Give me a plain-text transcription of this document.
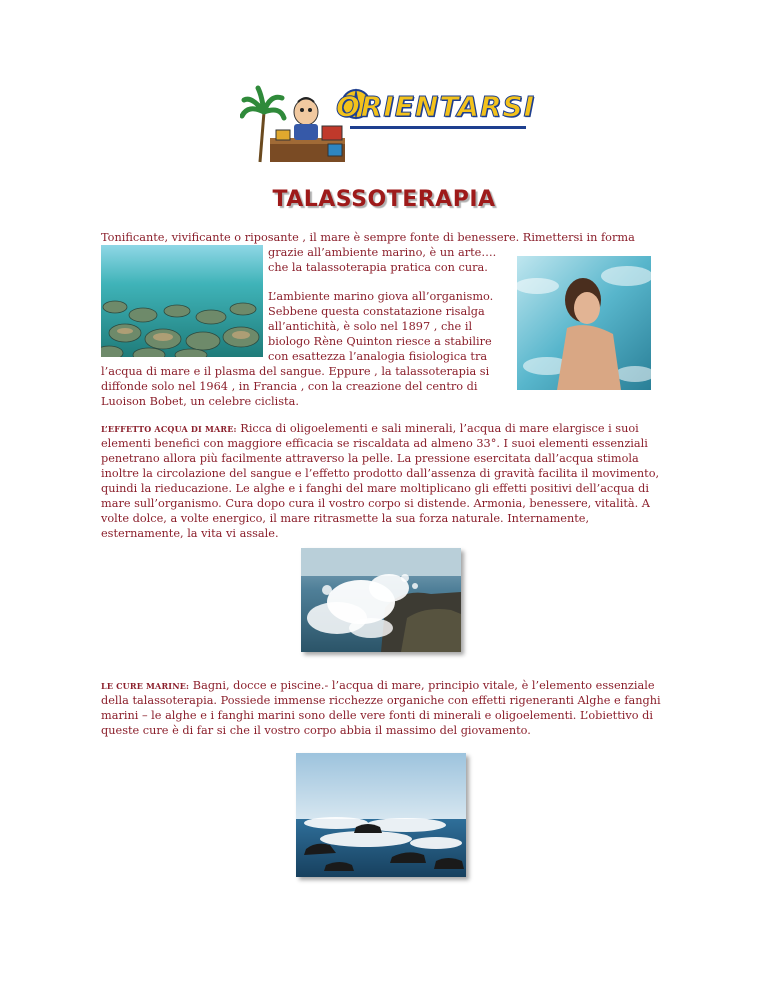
ORIENTARSI
TALASSOTERAPIA
Tonificante, vivificante o riposante , il mare è sempre fonte di benessere. Rimettersi in forma
grazie all’ambiente marino, è un arte….
che la talassoterapia pratica con cura.
L’ambiente marino giova all’organismo.
Sebbene questa constatazione risalga
all’antichità, è solo nel 1897 , che il
biologo Rène Quinton riesce a stabilire
con esattezza l’analogia fisiologica tra
l’acqua di mare e il plasma del sangue. Eppure , la talassoterapia si
diffonde solo nel 1964 , in Francia , con la creazione del centro di
Luoison Bobet, un celebre ciclista.
L’EFFETTO ACQUA DI MARE: Ricca di oligoelementi e sali minerali, l’acqua di mare elargisce i suoi
elementi benefici con maggiore efficacia se riscaldata ad almeno 33°. I suoi elementi essenziali
penetrano allora più facilmente attraverso la pelle. La pressione esercitata dall’acqua stimola
inoltre la circolazione del sangue e l’effetto prodotto dall’assenza di gravità facilita il movimento,
quindi la rieducazione. Le alghe e i fanghi del mare moltiplicano gli effetti positivi dell’acqua di
mare sull’organismo. Cura dopo cura il vostro corpo si distende. Armonia, benessere, vitalità. A
volte dolce, a volte energico, il mare ritrasmette la sua forza naturale. Internamente,
esternamente, la vita vi assale.
LE CURE MARINE: Bagni, docce e piscine.- l’acqua di mare, principio vitale, è l’elemento essenziale
della talassoterapia. Possiede immense ricchezze organiche con effetti rigeneranti Alghe e fanghi
marini – le alghe e i fanghi marini sono delle vere fonti di minerali e oligoelementi. L’obiettivo di
queste cure è di far si che il vostro corpo abbia il massimo del giovamento.
